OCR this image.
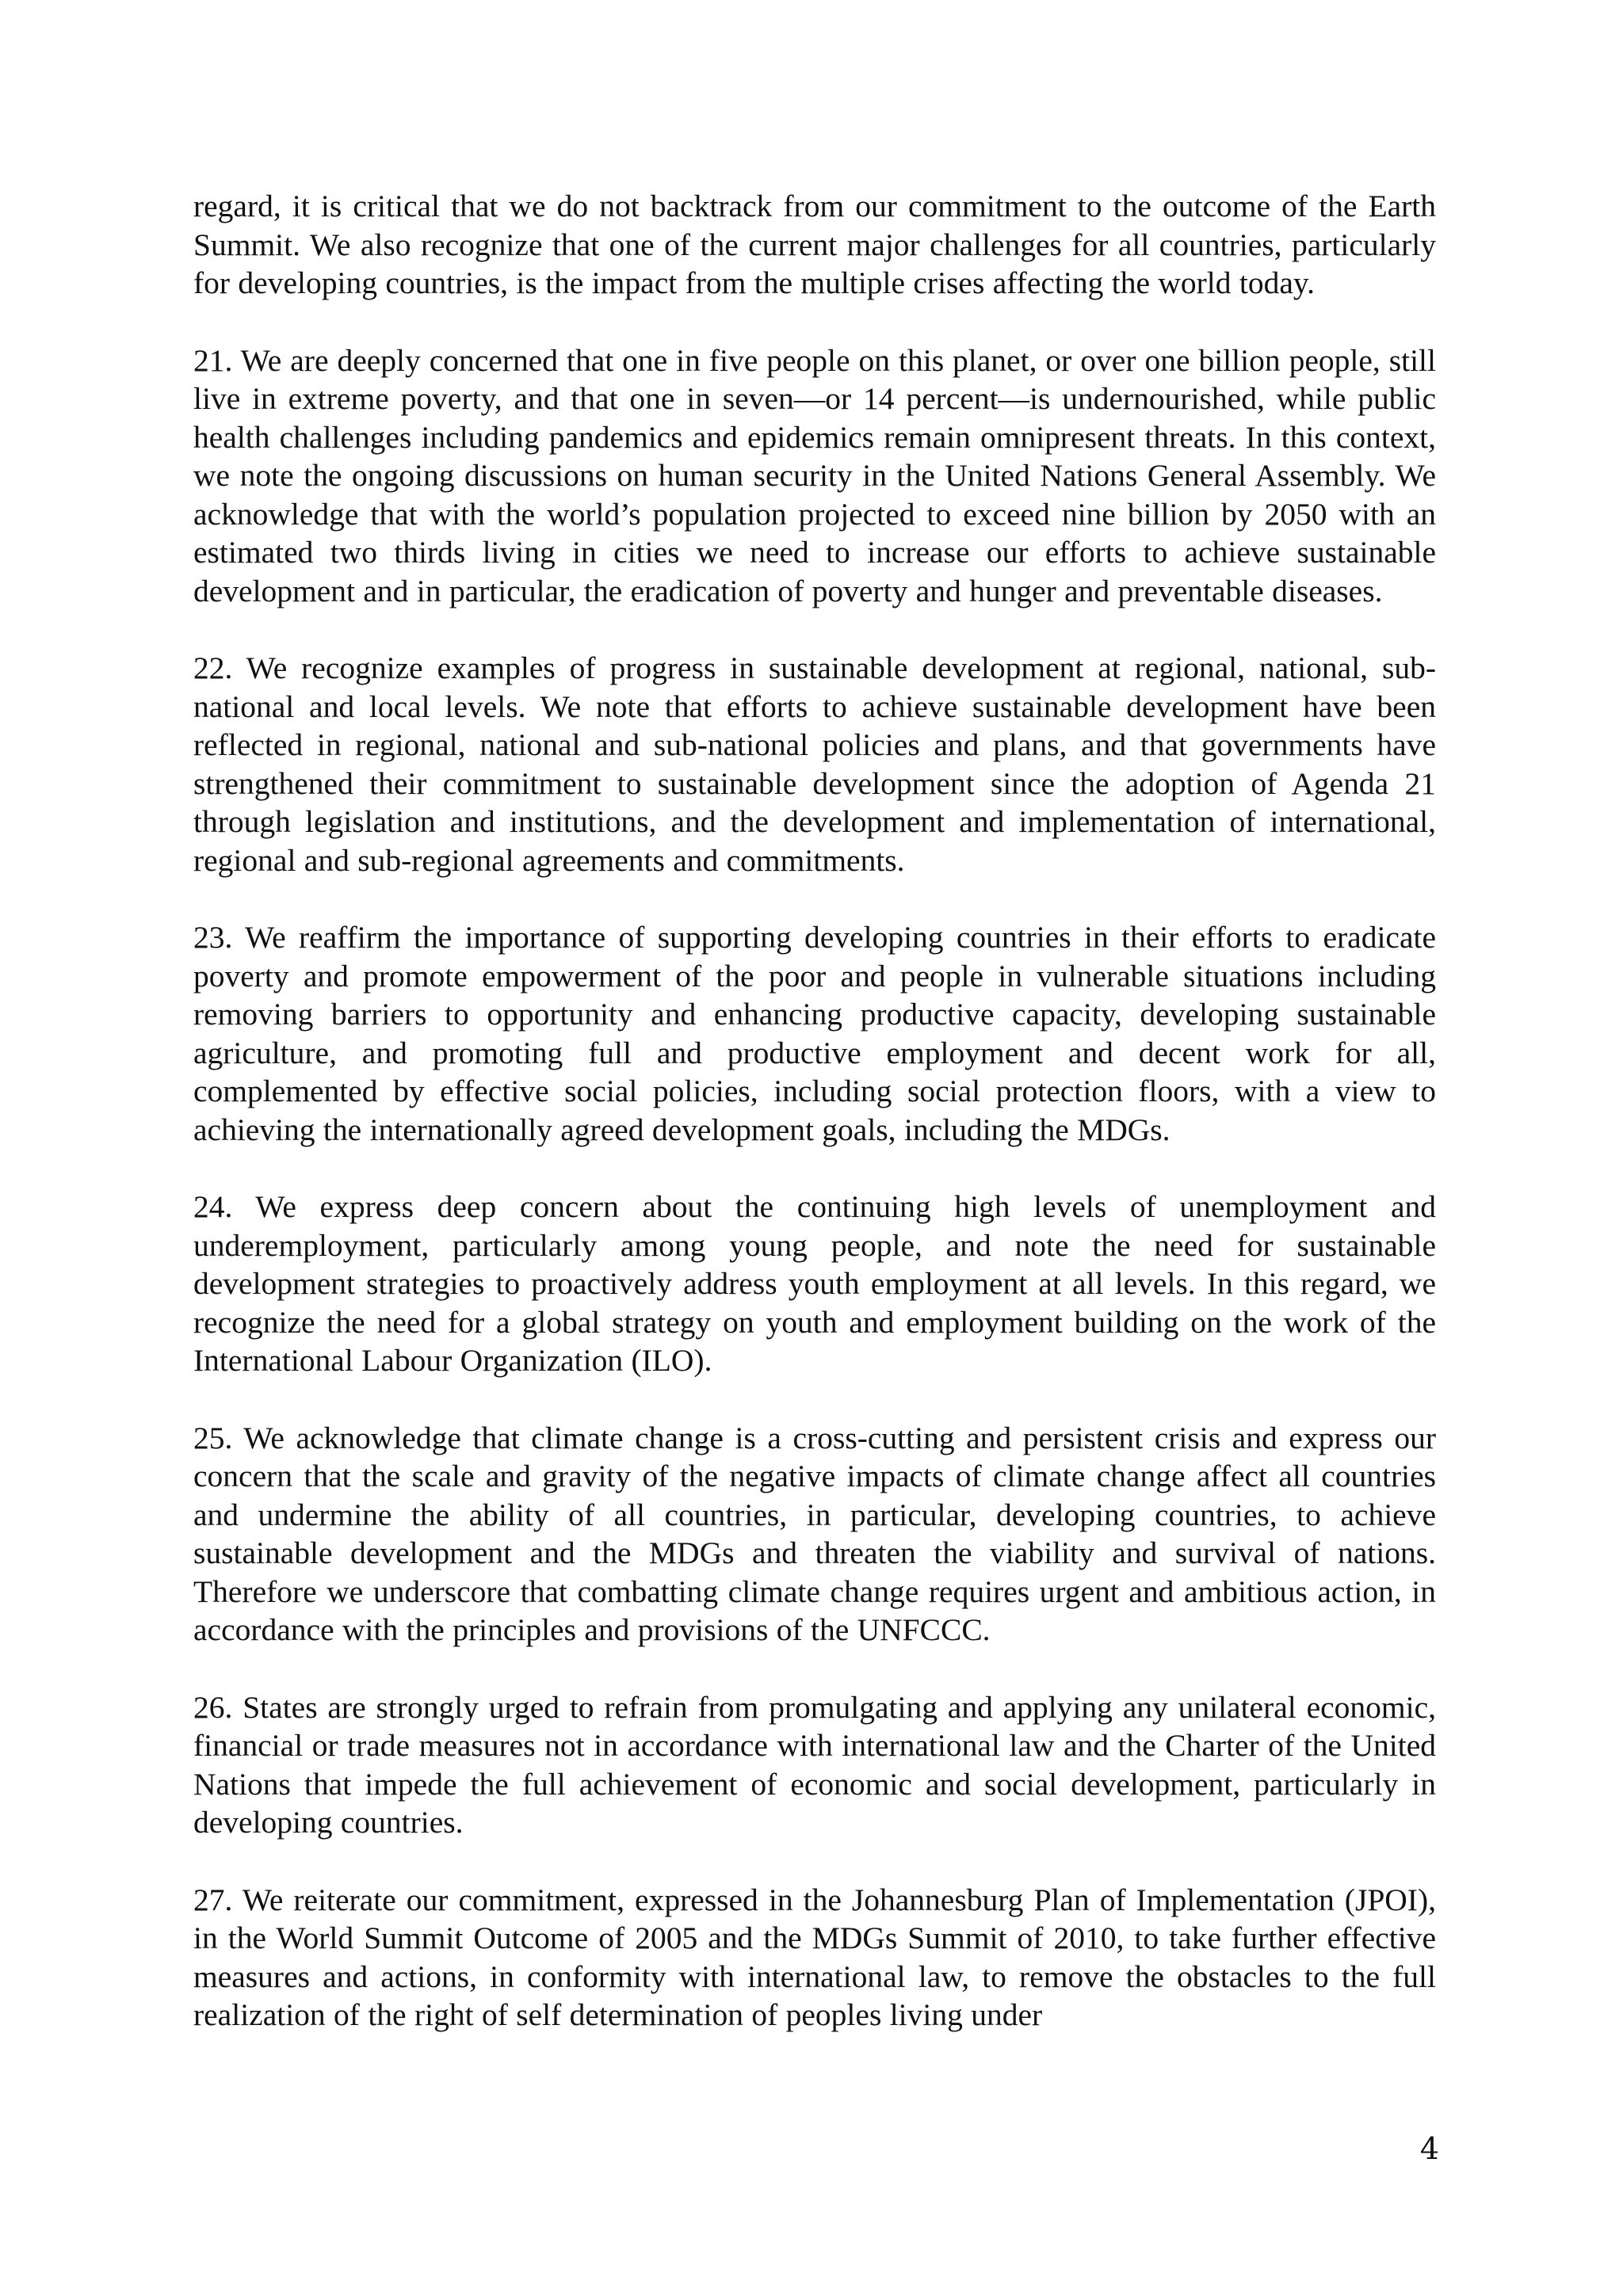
regard, it is critical that we do not backtrack from our commitment to the outcome of the Earth Summit. We also recognize that one of the current major challenges for all countries, particularly for developing countries, is the impact from the multiple crises affecting the world today.

21. We are deeply concerned that one in five people on this planet, or over one billion people, still live in extreme poverty, and that one in seven—or 14 percent—is undernourished, while public health challenges including pandemics and epidemics remain omnipresent threats. In this context, we note the ongoing discussions on human security in the United Nations General Assembly. We acknowledge that with the world’s population projected to exceed nine billion by 2050 with an estimated two thirds living in cities we need to increase our efforts to achieve sustainable development and in particular, the eradication of poverty and hunger and preventable diseases.

22. We recognize examples of progress in sustainable development at regional, national, sub-national and local levels. We note that efforts to achieve sustainable development have been reflected in regional, national and sub-national policies and plans, and that governments have strengthened their commitment to sustainable development since the adoption of Agenda 21 through legislation and institutions, and the development and implementation of international, regional and sub-regional agreements and commitments.

23. We reaffirm the importance of supporting developing countries in their efforts to eradicate poverty and promote empowerment of the poor and people in vulnerable situations including removing barriers to opportunity and enhancing productive capacity, developing sustainable agriculture, and promoting full and productive employment and decent work for all, complemented by effective social policies, including social protection floors, with a view to achieving the internationally agreed development goals, including the MDGs.

24. We express deep concern about the continuing high levels of unemployment and underemployment, particularly among young people, and note the need for sustainable development strategies to proactively address youth employment at all levels. In this regard, we recognize the need for a global strategy on youth and employment building on the work of the International Labour Organization (ILO).

25. We acknowledge that climate change is a cross-cutting and persistent crisis and express our concern that the scale and gravity of the negative impacts of climate change affect all countries and undermine the ability of all countries, in particular, developing countries, to achieve sustainable development and the MDGs and threaten the viability and survival of nations. Therefore we underscore that combatting climate change requires urgent and ambitious action, in accordance with the principles and provisions of the UNFCCC.

26. States are strongly urged to refrain from promulgating and applying any unilateral economic, financial or trade measures not in accordance with international law and the Charter of the United Nations that impede the full achievement of economic and social development, particularly in developing countries.

27. We reiterate our commitment, expressed in the Johannesburg Plan of Implementation (JPOI), in the World Summit Outcome of 2005 and the MDGs Summit of 2010, to take further effective measures and actions, in conformity with international law, to remove the obstacles to the full realization of the right of self determination of peoples living under

4
